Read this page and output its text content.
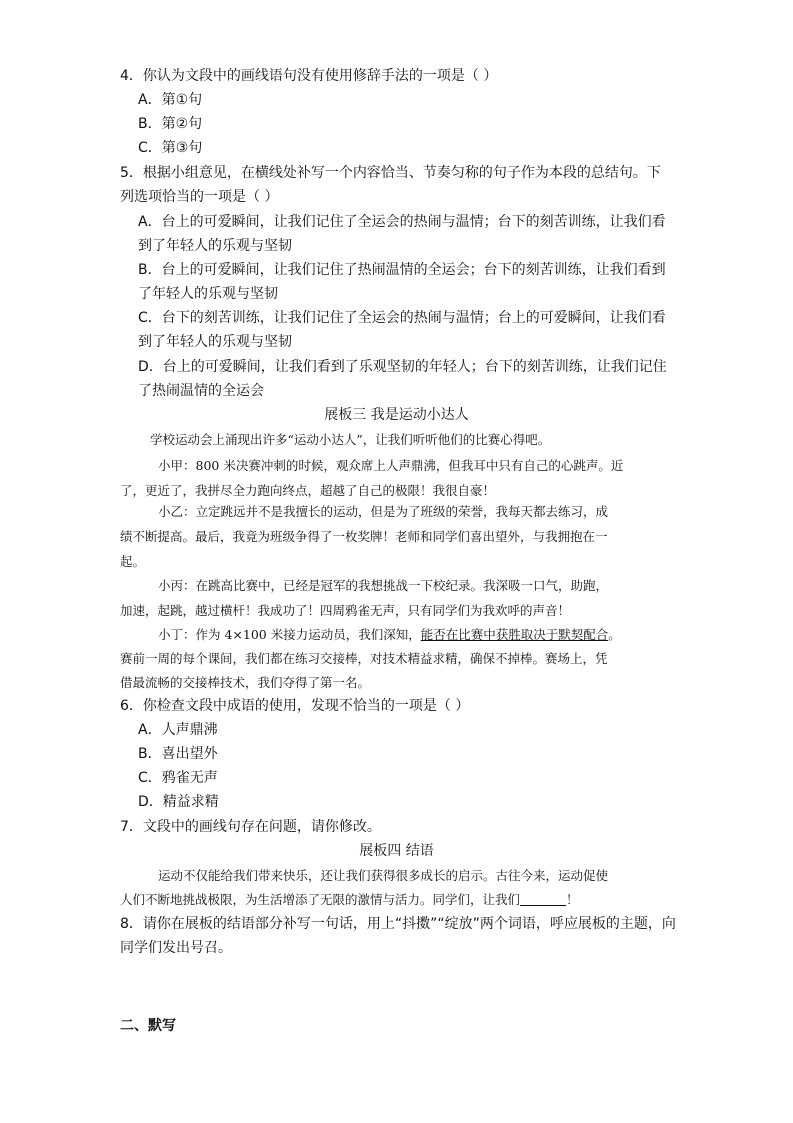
4．你认为文段中的画线语句没有使用修辞手法的一项是（ ）
A．第①句
B．第②句
C．第③句
5．根据小组意见，在横线处补写一个内容恰当、节奏匀称的句子作为本段的总结句。下
列选项恰当的一项是（ ）
A．台上的可爱瞬间，让我们记住了全运会的热闹与温情；台下的刻苦训练，让我们看
到了年轻人的乐观与坚韧
B．台上的可爱瞬间，让我们记住了热闹温情的全运会；台下的刻苦训练，让我们看到
了年轻人的乐观与坚韧
C．台下的刻苦训练，让我们记住了全运会的热闹与温情；台上的可爱瞬间，让我们看
到了年轻人的乐观与坚韧
D．台上的可爱瞬间，让我们看到了乐观坚韧的年轻人；台下的刻苦训练，让我们记住
了热闹温情的全运会
展板三 我是运动小达人
学校运动会上涌现出许多“运动小达人”，让我们听听他们的比赛心得吧。
小甲：800 米决赛冲刺的时候，观众席上人声鼎沸，但我耳中只有自己的心跳声。近
了，更近了，我拼尽全力跑向终点，超越了自己的极限！我很自豪！
小乙：立定跳远并不是我擅长的运动，但是为了班级的荣誉，我每天都去练习，成
绩不断提高。最后，我竟为班级争得了一枚奖牌！老师和同学们喜出望外，与我拥抱在一
起。
小丙：在跳高比赛中，已经是冠军的我想挑战一下校纪录。我深吸一口气，助跑，
加速，起跳，越过横杆！我成功了！四周鸦雀无声，只有同学们为我欢呼的声音！
小丁：作为 4×100 米接力运动员，我们深知，能否在比赛中获胜取决于默契配合。
赛前一周的每个课间，我们都在练习交接棒，对技术精益求精，确保不掉棒。赛场上，凭
借最流畅的交接棒技术，我们夺得了第一名。
6．你检查文段中成语的使用，发现不恰当的一项是（ ）
A．人声鼎沸
B．喜出望外
C．鸦雀无声
D．精益求精
7．文段中的画线句存在问题，请你修改。
展板四 结语
运动不仅能给我们带来快乐，还让我们获得很多成长的启示。古往今来，运动促使
人们不断地挑战极限，为生活增添了无限的激情与活力。同学们，让我们	！
8．请你在展板的结语部分补写一句话，用上“抖擞”“绽放”两个词语，呼应展板的主题，向
同学们发出号召。
二、默写
